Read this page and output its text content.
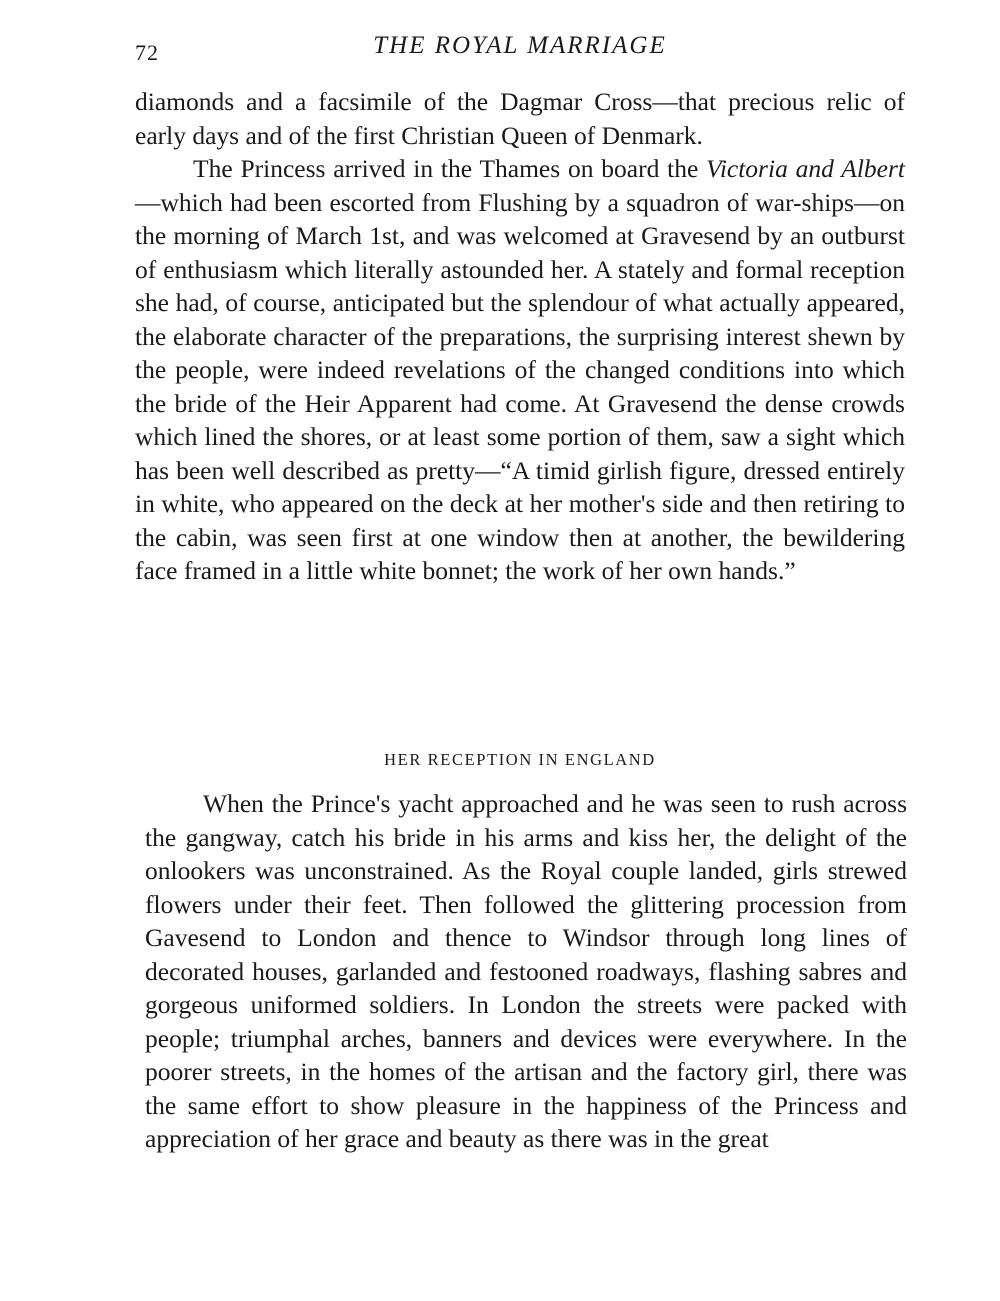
72	THE ROYAL MARRIAGE

diamonds and a facsimile of the Dagmar Cross—that precious relic of early days and of the first Christian Queen of Denmark.

The Princess arrived in the Thames on board the Victoria and Albert—which had been escorted from Flushing by a squadron of war-ships—on the morning of March 1st, and was welcomed at Gravesend by an outburst of enthusiasm which literally astounded her. A stately and formal reception she had, of course, anticipated but the splendour of what actually appeared, the elaborate character of the preparations, the surprising interest shewn by the people, were indeed revelations of the changed conditions into which the bride of the Heir Apparent had come. At Gravesend the dense crowds which lined the shores, or at least some portion of them, saw a sight which has been well described as pretty—“A timid girlish figure, dressed entirely in white, who appeared on the deck at her mother's side and then retiring to the cabin, was seen first at one window then at another, the bewildering face framed in a little white bonnet; the work of her own hands.”

HER RECEPTION IN ENGLAND

When the Prince's yacht approached and he was seen to rush across the gangway, catch his bride in his arms and kiss her, the delight of the onlookers was unconstrained. As the Royal couple landed, girls strewed flowers under their feet. Then followed the glittering procession from Gavesend to London and thence to Windsor through long lines of decorated houses, garlanded and festooned roadways, flashing sabres and gorgeous uniformed soldiers. In London the streets were packed with people; triumphal arches, banners and devices were everywhere. In the poorer streets, in the homes of the artisan and the factory girl, there was the same effort to show pleasure in the happiness of the Princess and appreciation of her grace and beauty as there was in the great
